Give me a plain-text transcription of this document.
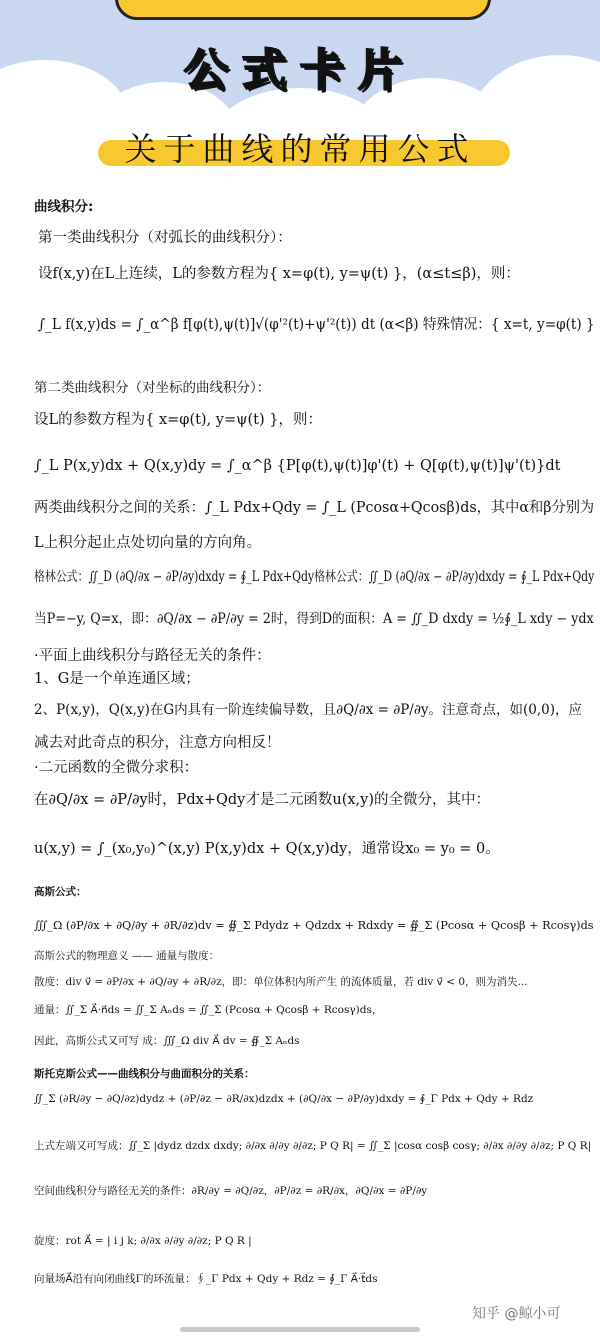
公式卡片
关于曲线的常用公式
曲线积分:
第一类曲线积分（对弧长的曲线积分）：
设f(x,y)在L上连续，L的参数方程为{ x=φ(t), y=ψ(t) }，(α≤t≤β)，则：
∫_L f(x,y)ds = ∫_α^β f[φ(t),ψ(t)]√(φ'²(t)+ψ'²(t)) dt (α<β) 特殊情况：{ x=t, y=φ(t) }
第二类曲线积分（对坐标的曲线积分）：
设L的参数方程为{ x=φ(t), y=ψ(t) }，则：
∫_L P(x,y)dx + Q(x,y)dy = ∫_α^β {P[φ(t),ψ(t)]φ'(t) + Q[φ(t),ψ(t)]ψ'(t)}dt
两类曲线积分之间的关系：∫_L Pdx+Qdy = ∫_L (Pcosα+Qcosβ)ds，其中α和β分别为
L上积分起止点处切向量的方向角。
格林公式：∬_D (∂Q/∂x − ∂P/∂y)dxdy = ∮_L Pdx+Qdy格林公式：∬_D (∂Q/∂x − ∂P/∂y)dxdy = ∮_L Pdx+Qdy
当P=−y, Q=x，即：∂Q/∂x − ∂P/∂y = 2时，得到D的面积：A = ∬_D dxdy = ½∮_L xdy − ydx
·平面上曲线积分与路径无关的条件：
1、G是一个单连通区域；
2、P(x,y)，Q(x,y)在G内具有一阶连续偏导数，且∂Q/∂x = ∂P/∂y。注意奇点，如(0,0)，应
减去对此奇点的积分，注意方向相反！
·二元函数的全微分求积：
在∂Q/∂x = ∂P/∂y时，Pdx+Qdy才是二元函数u(x,y)的全微分，其中：
u(x,y) = ∫_(x₀,y₀)^(x,y) P(x,y)dx + Q(x,y)dy，通常设x₀ = y₀ = 0。
高斯公式：
∭_Ω (∂P/∂x + ∂Q/∂y + ∂R/∂z)dv = ∯_Σ Pdydz + Qdzdx + Rdxdy = ∯_Σ (Pcosα + Qcosβ + Rcosγ)ds
高斯公式的物理意义 —— 通量与散度：
散度：div v⃗ = ∂P/∂x + ∂Q/∂y + ∂R/∂z，即：单位体积内所产生 的流体质量，若 div v⃗ < 0，则为消失...
通量：∬_Σ A⃗·n⃗ds = ∬_Σ Aₙds = ∬_Σ (Pcosα + Qcosβ + Rcosγ)ds，
因此，高斯公式又可写 成：∭_Ω div A⃗ dv = ∯_Σ Aₙds
斯托克斯公式——曲线积分与曲面积分的关系：
∬_Σ (∂R/∂y − ∂Q/∂z)dydz + (∂P/∂z − ∂R/∂x)dzdx + (∂Q/∂x − ∂P/∂y)dxdy = ∮_Γ Pdx + Qdy + Rdz
上式左端又可写成：∬_Σ |dydz dzdx dxdy; ∂/∂x ∂/∂y ∂/∂z; P Q R| = ∬_Σ |cosα cosβ cosγ; ∂/∂x ∂/∂y ∂/∂z; P Q R|
空间曲线积分与路径无关的条件：∂R/∂y = ∂Q/∂z，∂P/∂z = ∂R/∂x，∂Q/∂x = ∂P/∂y
旋度：rot A⃗ = | i j k; ∂/∂x ∂/∂y ∂/∂z; P Q R |
向量场A⃗沿有向闭曲线Γ的环流量：∮_Γ Pdx + Qdy + Rdz = ∮_Γ A⃗·t⃗ds
知乎 @鲸小可
